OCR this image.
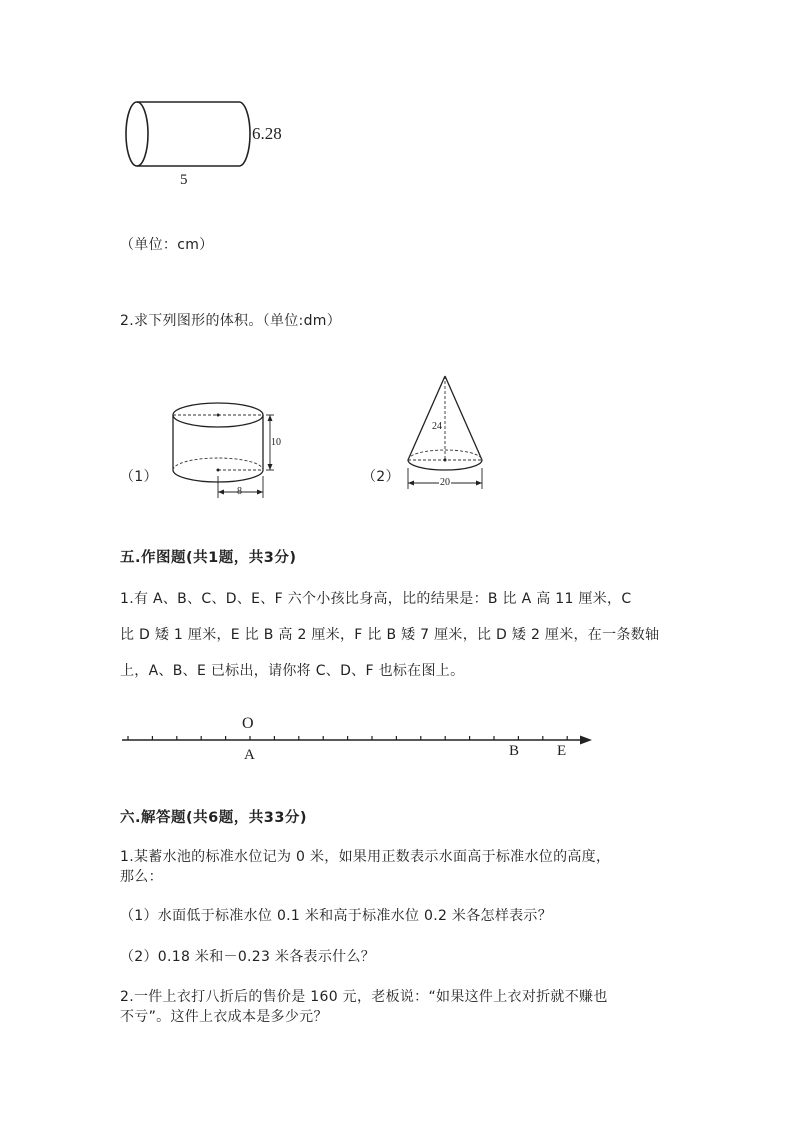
6.28
5
（单位：cm）
2.求下列图形的体积。（单位:dm）
（1）
10
8
（2）
24
20
五.作图题(共1题，共3分)
1.有 A、B、C、D、E、F 六个小孩比身高，比的结果是：B 比 A 高 11 厘米，C
比 D 矮 1 厘米，E 比 B 高 2 厘米，F 比 B 矮 7 厘米，比 D 矮 2 厘米，在一条数轴
上，A、B、E 已标出，请你将 C、D、F 也标在图上。
O
A	B	E
六.解答题(共6题，共33分)
1.某蓄水池的标准水位记为 0 米，如果用正数表示水面高于标准水位的高度，
那么：
（1）水面低于标准水位 0.1 米和高于标准水位 0.2 米各怎样表示？
（2）0.18 米和－0.23 米各表示什么？
2.一件上衣打八折后的售价是 160 元，老板说：“如果这件上衣对折就不赚也
不亏”。这件上衣成本是多少元？
